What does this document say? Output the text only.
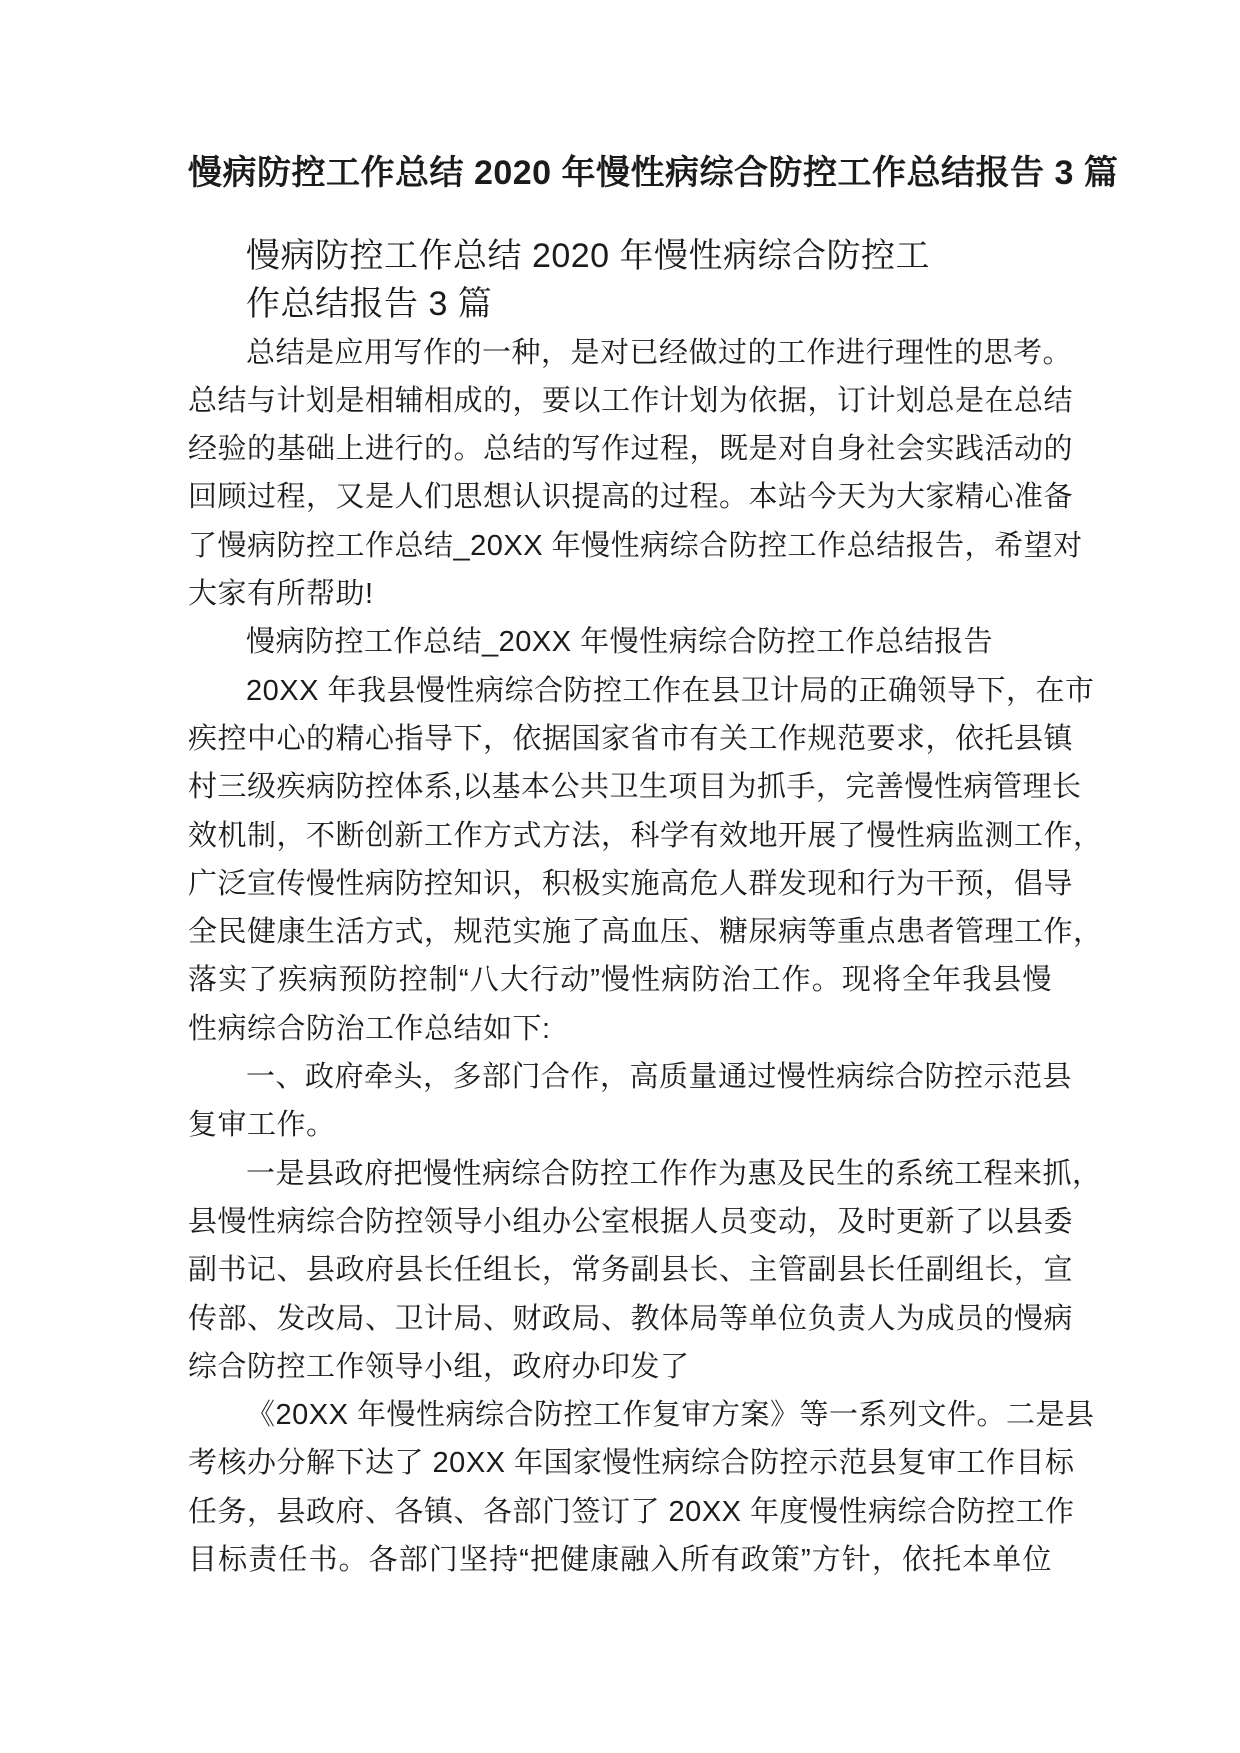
慢病防控工作总结 2020 年慢性病综合防控工作总结报告 3 篇
慢病防控工作总结 2020 年慢性病综合防控工
作总结报告 3 篇
总结是应用写作的一种，是对已经做过的工作进行理性的思考。
总结与计划是相辅相成的，要以工作计划为依据，订计划总是在总结
经验的基础上进行的。总结的写作过程，既是对自身社会实践活动的
回顾过程，又是人们思想认识提高的过程。本站今天为大家精心准备
了慢病防控工作总结_20XX 年慢性病综合防控工作总结报告，希望对
大家有所帮助!
慢病防控工作总结_20XX 年慢性病综合防控工作总结报告
20XX 年我县慢性病综合防控工作在县卫计局的正确领导下，在市
疾控中心的精心指导下，依据国家省市有关工作规范要求，依托县镇
村三级疾病防控体系,以基本公共卫生项目为抓手，完善慢性病管理长
效机制，不断创新工作方式方法，科学有效地开展了慢性病监测工作，
广泛宣传慢性病防控知识，积极实施高危人群发现和行为干预，倡导
全民健康生活方式，规范实施了高血压、糖尿病等重点患者管理工作，
落实了疾病预防控制“八大行动”慢性病防治工作。现将全年我县慢
性病综合防治工作总结如下:
一、政府牵头，多部门合作，高质量通过慢性病综合防控示范县
复审工作。
一是县政府把慢性病综合防控工作作为惠及民生的系统工程来抓，
县慢性病综合防控领导小组办公室根据人员变动，及时更新了以县委
副书记、县政府县长任组长，常务副县长、主管副县长任副组长，宣
传部、发改局、卫计局、财政局、教体局等单位负责人为成员的慢病
综合防控工作领导小组，政府办印发了
《20XX 年慢性病综合防控工作复审方案》等一系列文件。二是县
考核办分解下达了 20XX 年国家慢性病综合防控示范县复审工作目标
任务，县政府、各镇、各部门签订了 20XX 年度慢性病综合防控工作
目标责任书。各部门坚持“把健康融入所有政策”方针，依托本单位
